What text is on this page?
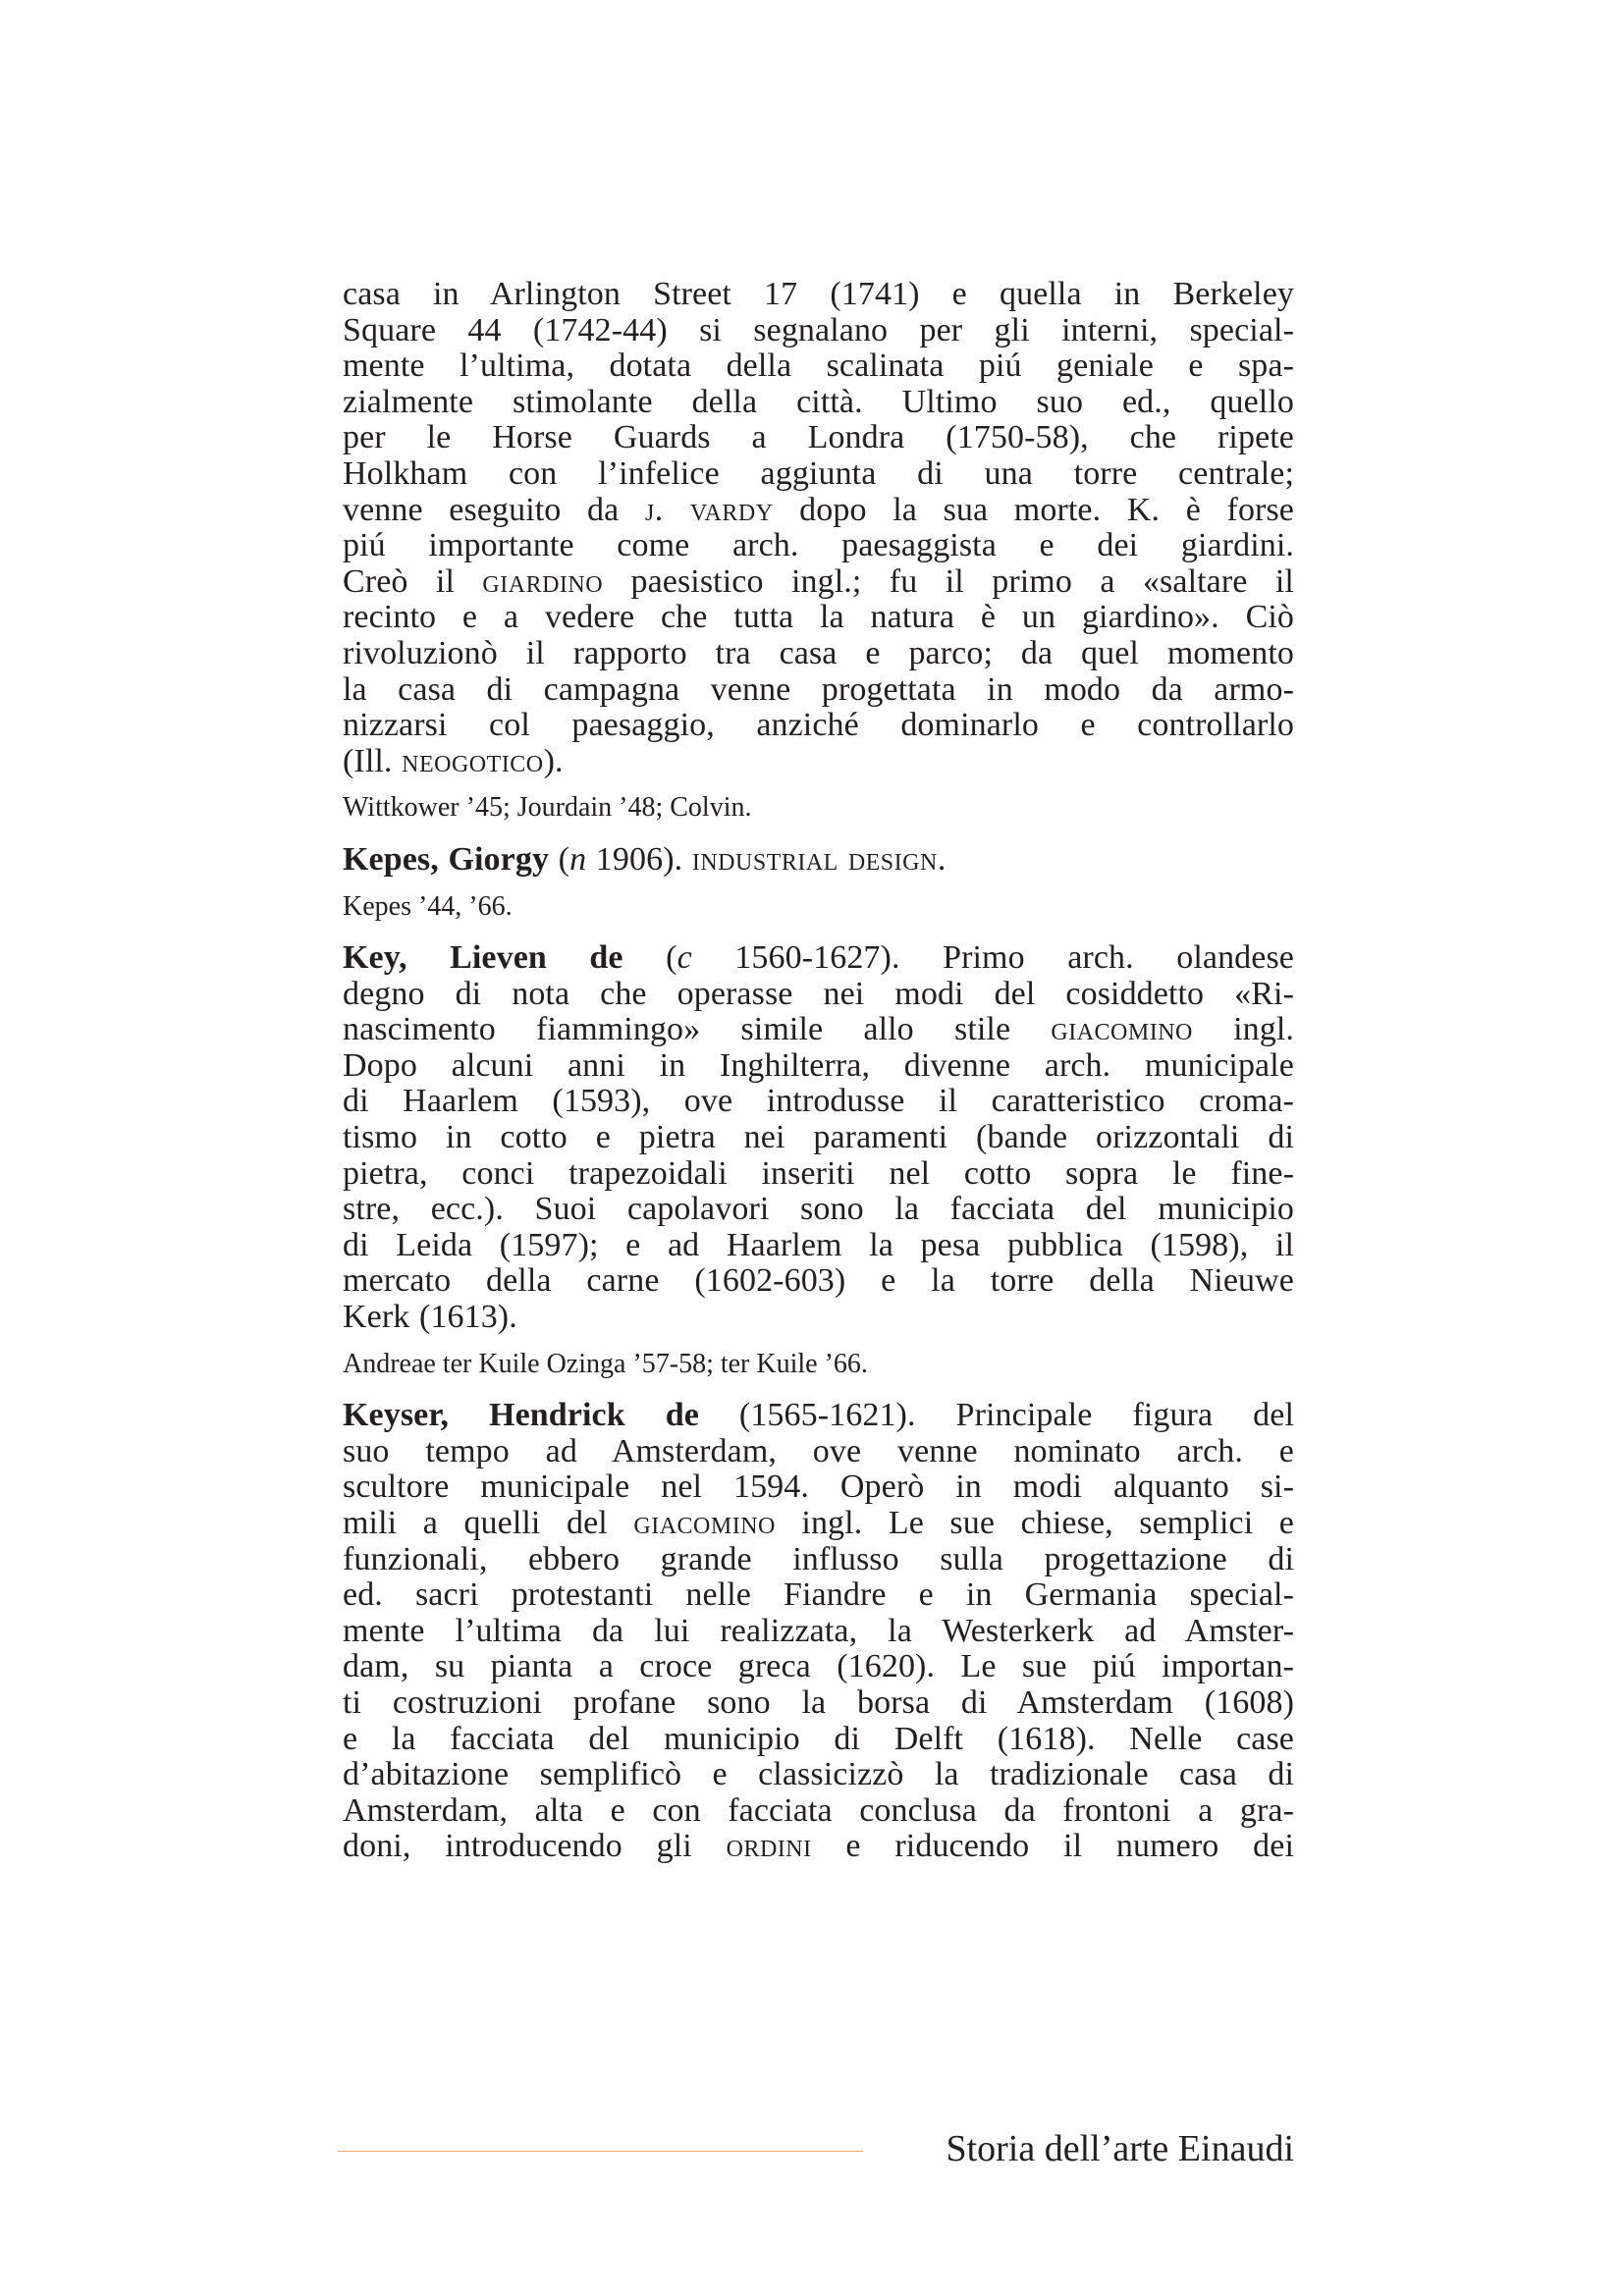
casa in Arlington Street 17 (1741) e quella in Berkeley
Square 44 (1742-44) si segnalano per gli interni, special-
mente l’ultima, dotata della scalinata piú geniale e spa-
zialmente stimolante della città. Ultimo suo ed., quello
per le Horse Guards a Londra (1750-58), che ripete
Holkham con l’infelice aggiunta di una torre centrale;
venne eseguito da j. vardy dopo la sua morte. K. è forse
piú importante come arch. paesaggista e dei giardini.
Creò il giardino paesistico ingl.; fu il primo a «saltare il
recinto e a vedere che tutta la natura è un giardino». Ciò
rivoluzionò il rapporto tra casa e parco; da quel momento
la casa di campagna venne progettata in modo da armo-
nizzarsi col paesaggio, anziché dominarlo e controllarlo
(Ill. neogotico).

Wittkower ’45; Jourdain ’48; Colvin.

Kepes, Giorgy (n 1906). industrial design.

Kepes ’44, ’66.

Key, Lieven de (c 1560-1627). Primo arch. olandese
degno di nota che operasse nei modi del cosiddetto «Ri-
nascimento fiammingo» simile allo stile giacomino ingl.
Dopo alcuni anni in Inghilterra, divenne arch. municipale
di Haarlem (1593), ove introdusse il caratteristico croma-
tismo in cotto e pietra nei paramenti (bande orizzontali di
pietra, conci trapezoidali inseriti nel cotto sopra le fine-
stre, ecc.). Suoi capolavori sono la facciata del municipio
di Leida (1597); e ad Haarlem la pesa pubblica (1598), il
mercato della carne (1602-603) e la torre della Nieuwe
Kerk (1613).

Andreae ter Kuile Ozinga ’57-58; ter Kuile ’66.

Keyser, Hendrick de (1565-1621). Principale figura del
suo tempo ad Amsterdam, ove venne nominato arch. e
scultore municipale nel 1594. Operò in modi alquanto si-
mili a quelli del giacomino ingl. Le sue chiese, semplici e
funzionali, ebbero grande influsso sulla progettazione di
ed. sacri protestanti nelle Fiandre e in Germania special-
mente l’ultima da lui realizzata, la Westerkerk ad Amster-
dam, su pianta a croce greca (1620). Le sue piú importan-
ti costruzioni profane sono la borsa di Amsterdam (1608)
e la facciata del municipio di Delft (1618). Nelle case
d’abitazione semplificò e classicizzò la tradizionale casa di
Amsterdam, alta e con facciata conclusa da frontoni a gra-
doni, introducendo gli ordini e riducendo il numero dei

Storia dell’arte Einaudi
